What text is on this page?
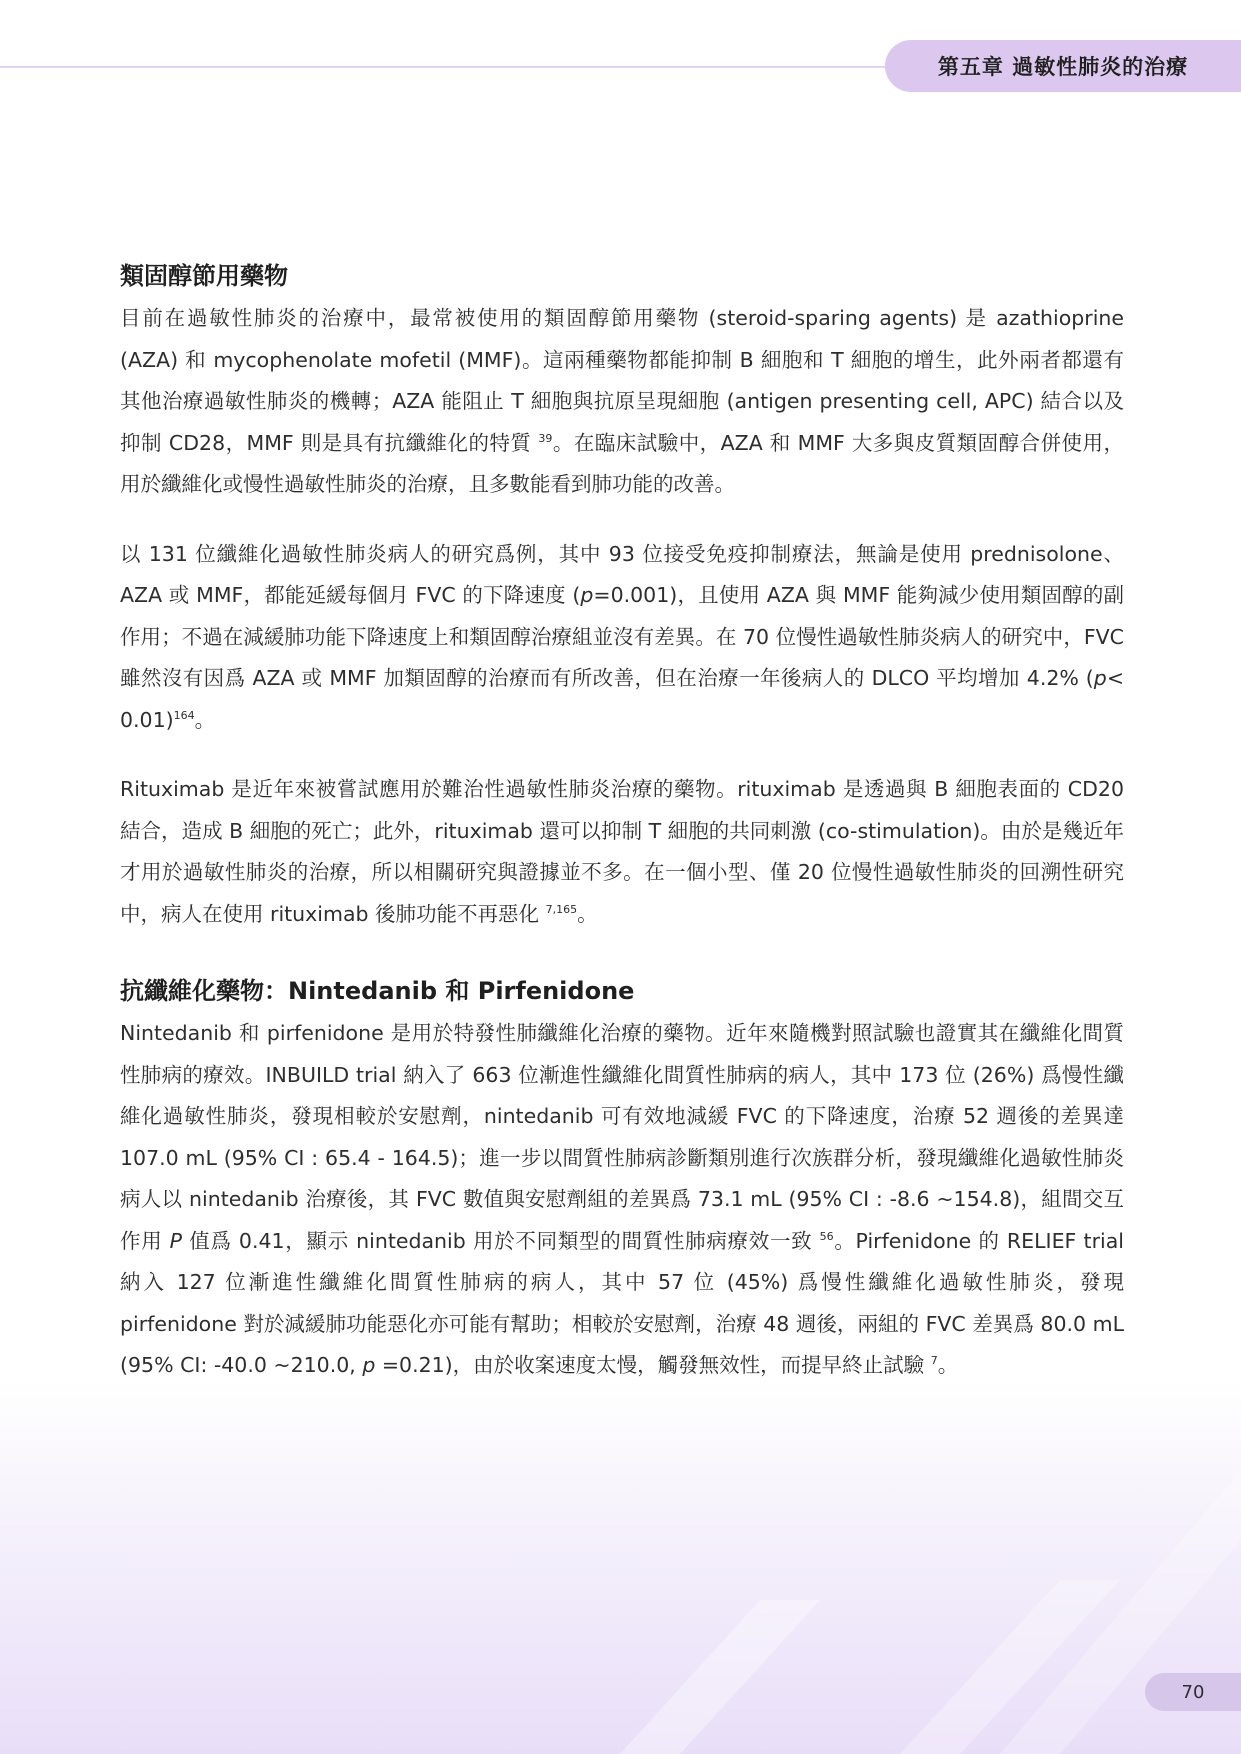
第五章 過敏性肺炎的治療
類固醇節用藥物

目前在過敏性肺炎的治療中，最常被使用的類固醇節用藥物 (steroid-sparing agents) 是 azathioprine (AZA) 和 mycophenolate mofetil (MMF)。這兩種藥物都能抑制 B 細胞和 T 細胞的增生，此外兩者都還有其他治療過敏性肺炎的機轉；AZA 能阻止 T 細胞與抗原呈現細胞 (antigen presenting cell, APC) 結合以及抑制 CD28，MMF 則是具有抗纖維化的特質 $^{39}$。在臨床試驗中，AZA 和 MMF 大多與皮質類固醇合併使用，用於纖維化或慢性過敏性肺炎的治療，且多數能看到肺功能的改善。

以 131 位纖維化過敏性肺炎病人的研究爲例，其中 93 位接受免疫抑制療法，無論是使用 prednisolone、AZA 或 MMF，都能延緩每個月 FVC 的下降速度 (p=0.001)，且使用 AZA 與 MMF 能夠減少使用類固醇的副作用；不過在減緩肺功能下降速度上和類固醇治療組並沒有差異。在 70 位慢性過敏性肺炎病人的研究中，FVC 雖然沒有因爲 AZA 或 MMF 加類固醇的治療而有所改善，但在治療一年後病人的 DLCO 平均增加 4.2% (p< 0.01)$^{164}$。

Rituximab 是近年來被嘗試應用於難治性過敏性肺炎治療的藥物。rituximab 是透過與 B 細胞表面的 CD20 結合，造成 B 細胞的死亡；此外，rituximab 還可以抑制 T 細胞的共同刺激 (co-stimulation)。由於是幾近年才用於過敏性肺炎的治療，所以相關研究與證據並不多。在一個小型、僅 20 位慢性過敏性肺炎的回溯性研究中，病人在使用 rituximab 後肺功能不再惡化 $^{7,165}$。

抗纖維化藥物：Nintedanib 和 Pirfenidone

Nintedanib 和 pirfenidone 是用於特發性肺纖維化治療的藥物。近年來隨機對照試驗也證實其在纖維化間質性肺病的療效。INBUILD trial 納入了 663 位漸進性纖維化間質性肺病的病人，其中 173 位 (26%) 爲慢性纖維化過敏性肺炎，發現相較於安慰劑，nintedanib 可有效地減緩 FVC 的下降速度，治療 52 週後的差異達 107.0 mL (95% CI : 65.4 - 164.5)；進一步以間質性肺病診斷類別進行次族群分析，發現纖維化過敏性肺炎病人以 nintedanib 治療後，其 FVC 數值與安慰劑組的差異爲 73.1 mL (95% CI : -8.6 ~154.8)，組間交互作用 P 值爲 0.41，顯示 nintedanib 用於不同類型的間質性肺病療效一致 $^{56}$。Pirfenidone 的 RELIEF trial 納入 127 位漸進性纖維化間質性肺病的病人，其中 57 位 (45%) 爲慢性纖維化過敏性肺炎，發現 pirfenidone 對於減緩肺功能惡化亦可能有幫助；相較於安慰劑，治療 48 週後，兩組的 FVC 差異爲 80.0 mL (95% CI: -40.0 ~210.0, p =0.21)，由於收案速度太慢，觸發無效性，而提早終止試驗 $^7$。

70
